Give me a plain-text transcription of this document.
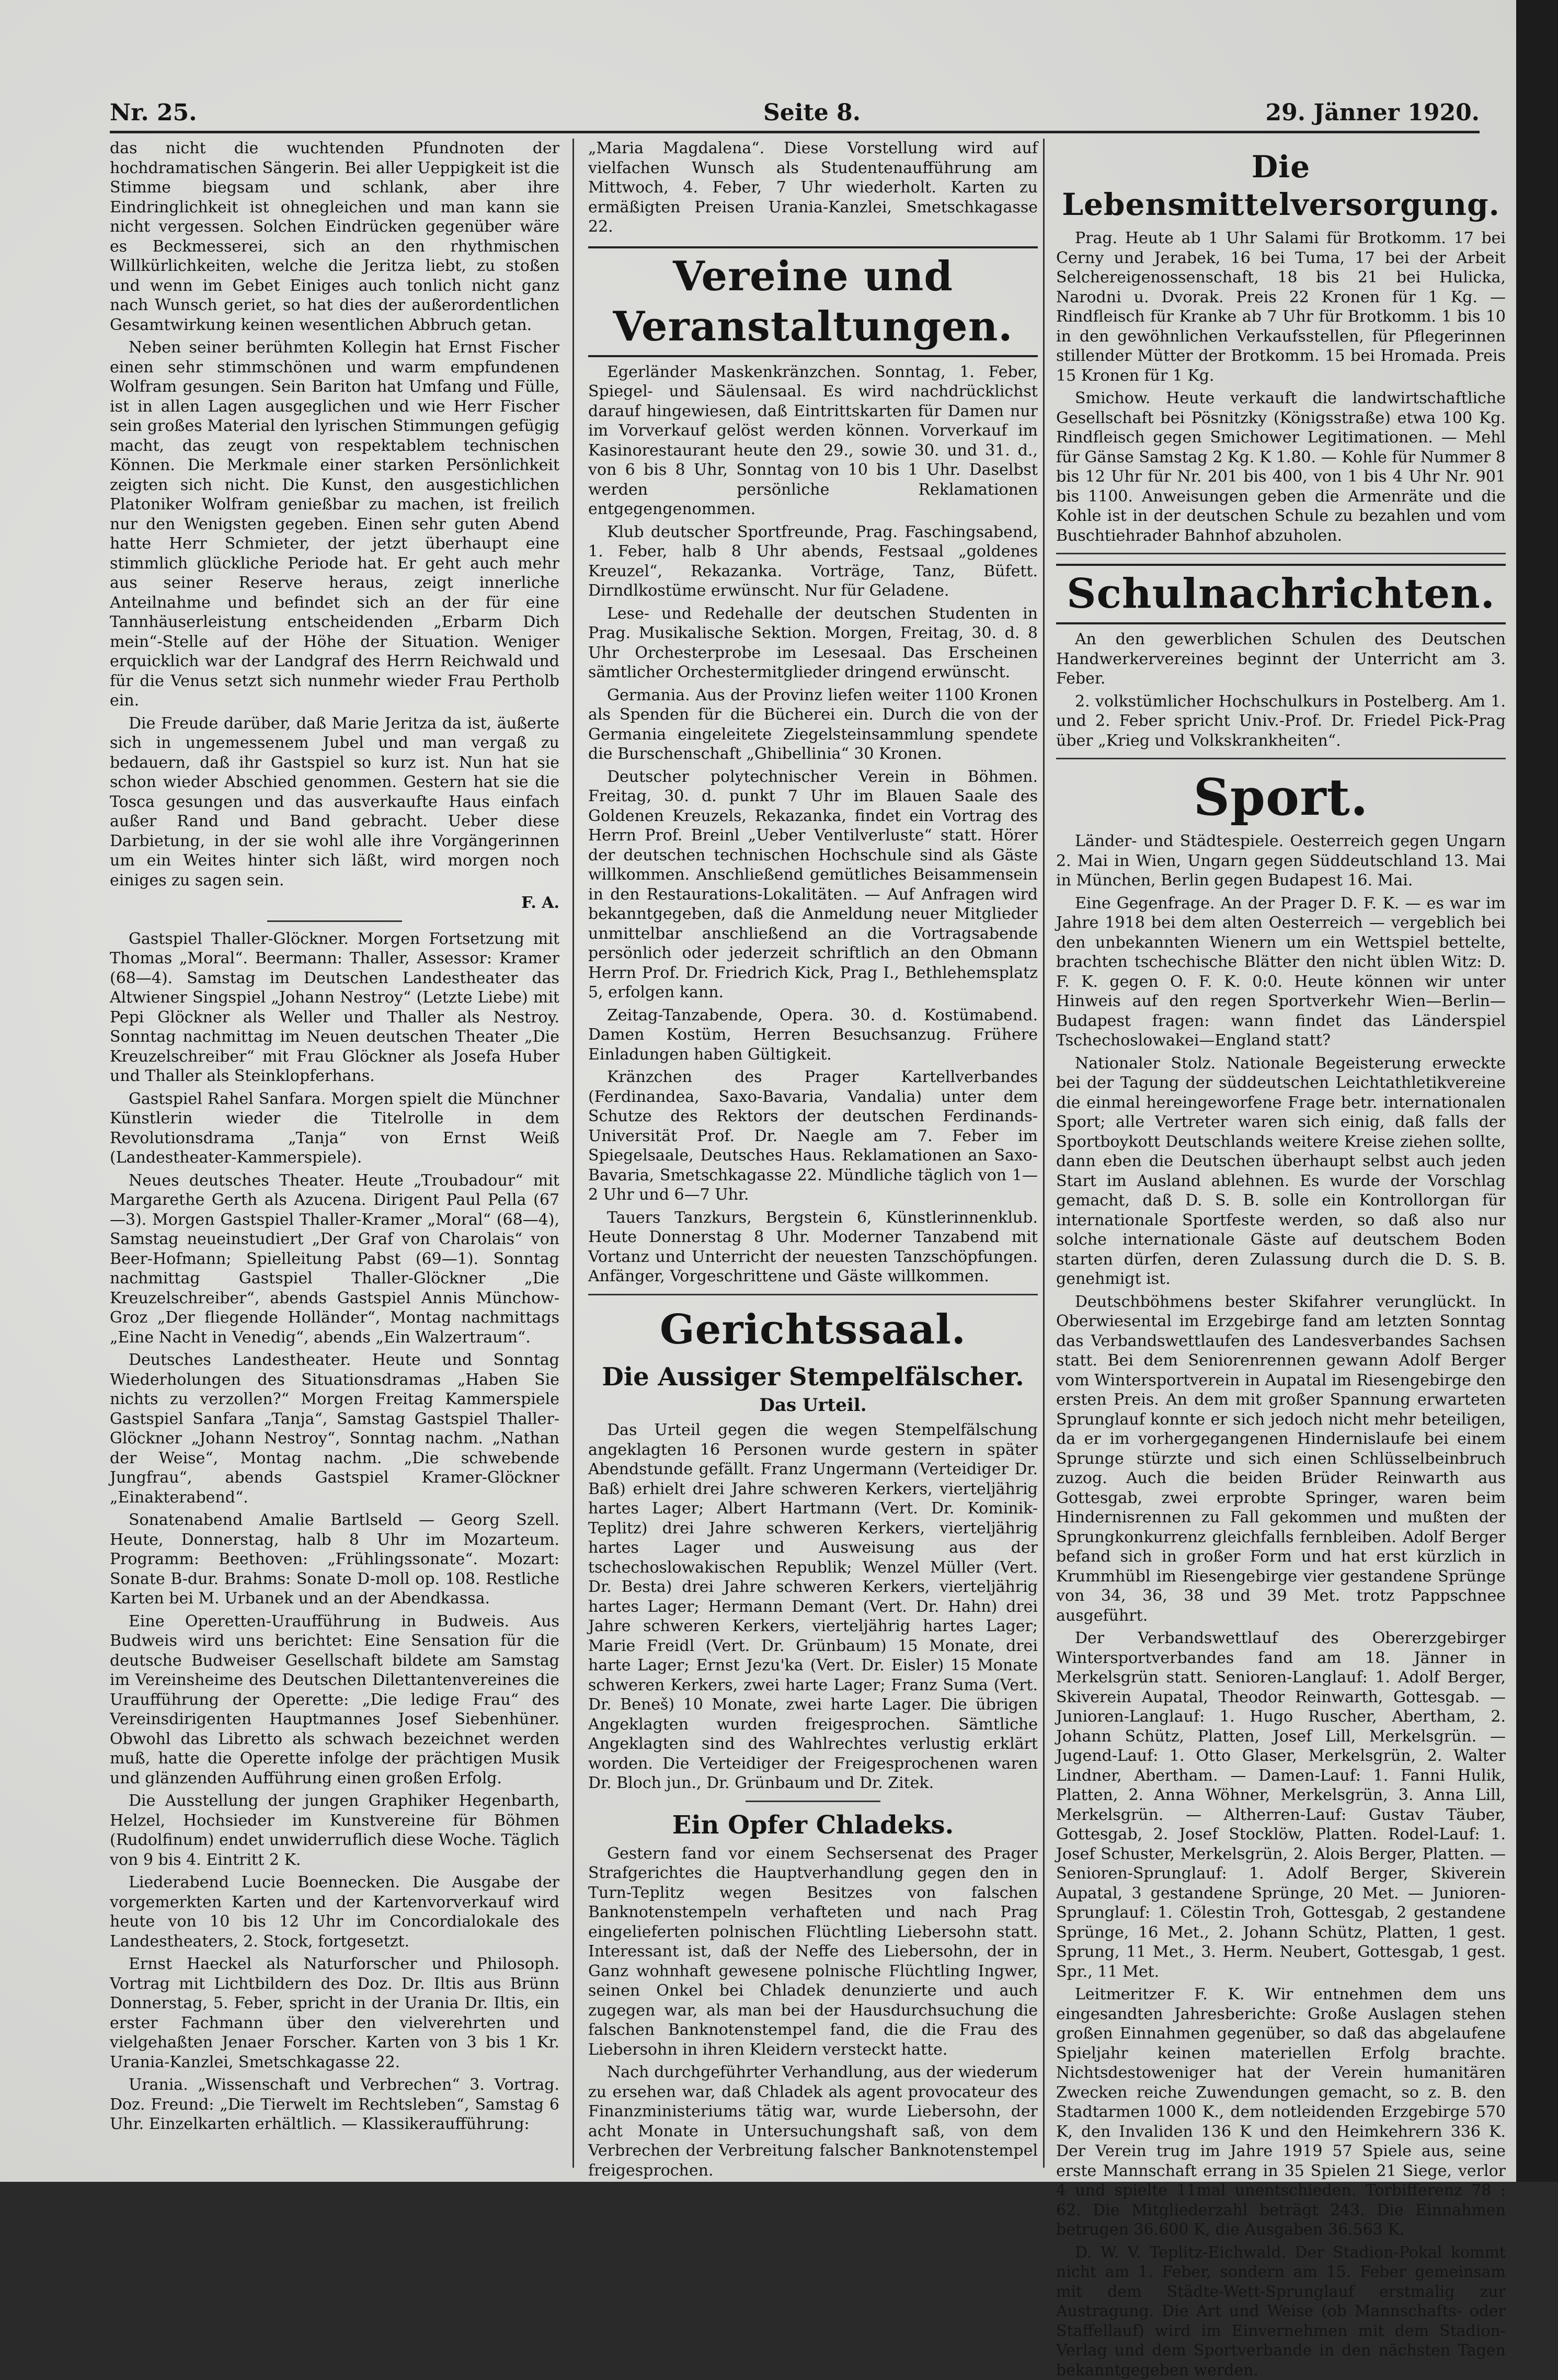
Nr. 25.	Seite 8.	29. Jänner 1920.

das nicht die wuchtenden Pfundnoten der hochdramatischen Sängerin. Bei aller Ueppigkeit ist die Stimme biegsam und schlank, aber ihre Eindringlichkeit ist ohnegleichen und man kann sie nicht vergessen. Solchen Eindrücken gegenüber wäre es Beckmesserei, sich an den rhythmischen Willkürlichkeiten, welche die Jeritza liebt, zu stoßen und wenn im Gebet Einiges auch tonlich nicht ganz nach Wunsch geriet, so hat dies der außerordentlichen Gesamtwirkung keinen wesentlichen Abbruch getan.

Neben seiner berühmten Kollegin hat Ernst Fischer einen sehr stimmschönen und warm empfundenen Wolfram gesungen. Sein Bariton hat Umfang und Fülle, ist in allen Lagen ausgeglichen und wie Herr Fischer sein großes Material den lyrischen Stimmungen gefügig macht, das zeugt von respektablem technischen Können. Die Merkmale einer starken Persönlichkeit zeigten sich nicht. Die Kunst, den ausgestichlichen Platoniker Wolfram genießbar zu machen, ist freilich nur den Wenigsten gegeben. Einen sehr guten Abend hatte Herr Schmieter, der jetzt überhaupt eine stimmlich glückliche Periode hat. Er geht auch mehr aus seiner Reserve heraus, zeigt innerliche Anteilnahme und befindet sich an der für eine Tannhäuserleistung entscheidenden „Erbarm Dich mein“-Stelle auf der Höhe der Situation. Weniger erquicklich war der Landgraf des Herrn Reichwald und für die Venus setzt sich nunmehr wieder Frau Pertholb ein.

Die Freude darüber, daß Marie Jeritza da ist, äußerte sich in ungemessenem Jubel und man vergaß zu bedauern, daß ihr Gastspiel so kurz ist. Nun hat sie schon wieder Abschied genommen. Gestern hat sie die Tosca gesungen und das ausverkaufte Haus einfach außer Rand und Band gebracht. Ueber diese Darbietung, in der sie wohl alle ihre Vorgängerinnen um ein Weites hinter sich läßt, wird morgen noch einiges zu sagen sein.

F. A.

Gastspiel Thaller-Glöckner. Morgen Fortsetzung mit Thomas „Moral“. Beermann: Thaller, Assessor: Kramer (68—4). Samstag im Deutschen Landestheater das Altwiener Singspiel „Johann Nestroy“ (Letzte Liebe) mit Pepi Glöckner als Weller und Thaller als Nestroy. Sonntag nachmittag im Neuen deutschen Theater „Die Kreuzelschreiber“ mit Frau Glöckner als Josefa Huber und Thaller als Steinklopferhans.

Gastspiel Rahel Sanfara. Morgen spielt die Münchner Künstlerin wieder die Titelrolle in dem Revolutionsdrama „Tanja“ von Ernst Weiß (Landestheater-Kammerspiele).

Neues deutsches Theater. Heute „Troubadour“ mit Margarethe Gerth als Azucena. Dirigent Paul Pella (67—3). Morgen Gastspiel Thaller-Kramer „Moral“ (68—4), Samstag neueinstudiert „Der Graf von Charolais“ von Beer-Hofmann; Spielleitung Pabst (69—1). Sonntag nachmittag Gastspiel Thaller-Glöckner „Die Kreuzelschreiber“, abends Gastspiel Annis Münchow-Groz „Der fliegende Holländer“, Montag nachmittags „Eine Nacht in Venedig“, abends „Ein Walzertraum“.

Deutsches Landestheater. Heute und Sonntag Wiederholungen des Situationsdramas „Haben Sie nichts zu verzollen?“ Morgen Freitag Kammerspiele Gastspiel Sanfara „Tanja“, Samstag Gastspiel Thaller-Glöckner „Johann Nestroy“, Sonntag nachm. „Nathan der Weise“, Montag nachm. „Die schwebende Jungfrau“, abends Gastspiel Kramer-Glöckner „Einakterabend“.

Sonatenabend Amalie Bartlseld — Georg Szell. Heute, Donnerstag, halb 8 Uhr im Mozarteum. Programm: Beethoven: „Frühlingssonate“. Mozart: Sonate B-dur. Brahms: Sonate D-moll op. 108. Restliche Karten bei M. Urbanek und an der Abendkassa.

Eine Operetten-Uraufführung in Budweis. Aus Budweis wird uns berichtet: Eine Sensation für die deutsche Budweiser Gesellschaft bildete am Samstag im Vereinsheime des Deutschen Dilettantenvereines die Uraufführung der Operette: „Die ledige Frau“ des Vereinsdirigenten Hauptmannes Josef Siebenhüner. Obwohl das Libretto als schwach bezeichnet werden muß, hatte die Operette infolge der prächtigen Musik und glänzenden Aufführung einen großen Erfolg.

Die Ausstellung der jungen Graphiker Hegenbarth, Helzel, Hochsieder im Kunstvereine für Böhmen (Rudolfinum) endet unwiderruflich diese Woche. Täglich von 9 bis 4. Eintritt 2 K.

Liederabend Lucie Boennecken. Die Ausgabe der vorgemerkten Karten und der Kartenvorverkauf wird heute von 10 bis 12 Uhr im Concordialokale des Landestheaters, 2. Stock, fortgesetzt.

Ernst Haeckel als Naturforscher und Philosoph. Vortrag mit Lichtbildern des Doz. Dr. Iltis aus Brünn Donnerstag, 5. Feber, spricht in der Urania Dr. Iltis, ein erster Fachmann über den vielverehrten und vielgehaßten Jenaer Forscher. Karten von 3 bis 1 Kr. Urania-Kanzlei, Smetschkagasse 22.

Urania. „Wissenschaft und Verbrechen“ 3. Vortrag. Doz. Freund: „Die Tierwelt im Rechtsleben“, Samstag 6 Uhr. Einzelkarten erhältlich. — Klassikeraufführung:

„Maria Magdalena“. Diese Vorstellung wird auf vielfachen Wunsch als Studentenaufführung am Mittwoch, 4. Feber, 7 Uhr wiederholt. Karten zu ermäßigten Preisen Urania-Kanzlei, Smetschkagasse 22.

Vereine und Veranstaltungen.

Egerländer Maskenkränzchen. Sonntag, 1. Feber, Spiegel- und Säulensaal. Es wird nachdrücklichst darauf hingewiesen, daß Eintrittskarten für Damen nur im Vorverkauf gelöst werden können. Vorverkauf im Kasinorestaurant heute den 29., sowie 30. und 31. d., von 6 bis 8 Uhr, Sonntag von 10 bis 1 Uhr. Daselbst werden persönliche Reklamationen entgegengenommen.

Klub deutscher Sportfreunde, Prag. Faschingsabend, 1. Feber, halb 8 Uhr abends, Festsaal „goldenes Kreuzel“, Rekazanka. Vorträge, Tanz, Büfett. Dirndlkostüme erwünscht. Nur für Geladene.

Lese- und Redehalle der deutschen Studenten in Prag. Musikalische Sektion. Morgen, Freitag, 30. d. 8 Uhr Orchesterprobe im Lesesaal. Das Erscheinen sämtlicher Orchestermitglieder dringend erwünscht.

Germania. Aus der Provinz liefen weiter 1100 Kronen als Spenden für die Bücherei ein. Durch die von der Germania eingeleitete Ziegelsteinsammlung spendete die Burschenschaft „Ghibellinia“ 30 Kronen.

Deutscher polytechnischer Verein in Böhmen. Freitag, 30. d. punkt 7 Uhr im Blauen Saale des Goldenen Kreuzels, Rekazanka, findet ein Vortrag des Herrn Prof. Breinl „Ueber Ventilverluste“ statt. Hörer der deutschen technischen Hochschule sind als Gäste willkommen. Anschließend gemütliches Beisammensein in den Restaurations-Lokalitäten. — Auf Anfragen wird bekanntgegeben, daß die Anmeldung neuer Mitglieder unmittelbar anschließend an die Vortragsabende persönlich oder jederzeit schriftlich an den Obmann Herrn Prof. Dr. Friedrich Kick, Prag I., Bethlehemsplatz 5, erfolgen kann.

Zeitag-Tanzabende, Opera. 30. d. Kostümabend. Damen Kostüm, Herren Besuchsanzug. Frühere Einladungen haben Gültigkeit.

Kränzchen des Prager Kartellverbandes (Ferdinandea, Saxo-Bavaria, Vandalia) unter dem Schutze des Rektors der deutschen Ferdinands-Universität Prof. Dr. Naegle am 7. Feber im Spiegelsaale, Deutsches Haus. Reklamationen an Saxo-Bavaria, Smetschkagasse 22. Mündliche täglich von 1—2 Uhr und 6—7 Uhr.

Tauers Tanzkurs, Bergstein 6, Künstlerinnenklub. Heute Donnerstag 8 Uhr. Moderner Tanzabend mit Vortanz und Unterricht der neuesten Tanzschöpfungen. Anfänger, Vorgeschrittene und Gäste willkommen.

Gerichtssaal.
Die Aussiger Stempelfälscher.
Das Urteil.

Das Urteil gegen die wegen Stempelfälschung angeklagten 16 Personen wurde gestern in später Abendstunde gefällt. Franz Ungermann (Verteidiger Dr. Baß) erhielt drei Jahre schweren Kerkers, vierteljährig hartes Lager; Albert Hartmann (Vert. Dr. Kominik-Teplitz) drei Jahre schweren Kerkers, vierteljährig hartes Lager und Ausweisung aus der tschechoslowakischen Republik; Wenzel Müller (Vert. Dr. Besta) drei Jahre schweren Kerkers, vierteljährig hartes Lager; Hermann Demant (Vert. Dr. Hahn) drei Jahre schweren Kerkers, vierteljährig hartes Lager; Marie Freidl (Vert. Dr. Grünbaum) 15 Monate, drei harte Lager; Ernst Jezu'ka (Vert. Dr. Eisler) 15 Monate schweren Kerkers, zwei harte Lager; Franz Suma (Vert. Dr. Beneš) 10 Monate, zwei harte Lager. Die übrigen Angeklagten wurden freigesprochen. Sämtliche Angeklagten sind des Wahlrechtes verlustig erklärt worden. Die Verteidiger der Freigesprochenen waren Dr. Bloch jun., Dr. Grünbaum und Dr. Zitek.

Ein Opfer Chladeks.

Gestern fand vor einem Sechsersenat des Prager Strafgerichtes die Hauptverhandlung gegen den in Turn-Teplitz wegen Besitzes von falschen Banknotenstempeln verhafteten und nach Prag eingelieferten polnischen Flüchtling Liebersohn statt. Interessant ist, daß der Neffe des Liebersohn, der in Ganz wohnhaft gewesene polnische Flüchtling Ingwer, seinen Onkel bei Chladek denunzierte und auch zugegen war, als man bei der Hausdurchsuchung die falschen Banknotenstempel fand, die die Frau des Liebersohn in ihren Kleidern versteckt hatte.

Nach durchgeführter Verhandlung, aus der wiederum zu ersehen war, daß Chladek als agent provocateur des Finanzministeriums tätig war, wurde Liebersohn, der acht Monate in Untersuchungshaft saß, von dem Verbrechen der Verbreitung falscher Banknotenstempel freigesprochen.

Die Lebensmittelversorgung.

Prag. Heute ab 1 Uhr Salami für Brotkomm. 17 bei Cerny und Jerabek, 16 bei Tuma, 17 bei der Arbeit Selchereigenossenschaft, 18 bis 21 bei Hulicka, Narodni u. Dvorak. Preis 22 Kronen für 1 Kg. — Rindfleisch für Kranke ab 7 Uhr für Brotkomm. 1 bis 10 in den gewöhnlichen Verkaufsstellen, für Pflegerinnen stillender Mütter der Brotkomm. 15 bei Hromada. Preis 15 Kronen für 1 Kg.

Smichow. Heute verkauft die landwirtschaftliche Gesellschaft bei Pösnitzky (Königsstraße) etwa 100 Kg. Rindfleisch gegen Smichower Legitimationen. — Mehl für Gänse Samstag 2 Kg. K 1.80. — Kohle für Nummer 8 bis 12 Uhr für Nr. 201 bis 400, von 1 bis 4 Uhr Nr. 901 bis 1100. Anweisungen geben die Armenräte und die Kohle ist in der deutschen Schule zu bezahlen und vom Buschtiehrader Bahnhof abzuholen.

Schulnachrichten.

An den gewerblichen Schulen des Deutschen Handwerkervereines beginnt der Unterricht am 3. Feber.

2. volkstümlicher Hochschulkurs in Postelberg. Am 1. und 2. Feber spricht Univ.-Prof. Dr. Friedel Pick-Prag über „Krieg und Volkskrankheiten“.

Sport.

Länder- und Städtespiele. Oesterreich gegen Ungarn 2. Mai in Wien, Ungarn gegen Süddeutschland 13. Mai in München, Berlin gegen Budapest 16. Mai.

Eine Gegenfrage. An der Prager D. F. K. — es war im Jahre 1918 bei dem alten Oesterreich — vergeblich bei den unbekannten Wienern um ein Wettspiel bettelte, brachten tschechische Blätter den nicht üblen Witz: D. F. K. gegen O. F. K. 0:0. Heute können wir unter Hinweis auf den regen Sportverkehr Wien—Berlin—Budapest fragen: wann findet das Länderspiel Tschechoslowakei—England statt?

Nationaler Stolz. Nationale Begeisterung erweckte bei der Tagung der süddeutschen Leichtathletikvereine die einmal hereingeworfene Frage betr. internationalen Sport; alle Vertreter waren sich einig, daß falls der Sportboykott Deutschlands weitere Kreise ziehen sollte, dann eben die Deutschen überhaupt selbst auch jeden Start im Ausland ablehnen. Es wurde der Vorschlag gemacht, daß D. S. B. solle ein Kontrollorgan für internationale Sportfeste werden, so daß also nur solche internationale Gäste auf deutschem Boden starten dürfen, deren Zulassung durch die D. S. B. genehmigt ist.

Deutschböhmens bester Skifahrer verunglückt. In Oberwiesental im Erzgebirge fand am letzten Sonntag das Verbandswettlaufen des Landesverbandes Sachsen statt. Bei dem Seniorenrennen gewann Adolf Berger vom Wintersportverein in Aupatal im Riesengebirge den ersten Preis. An dem mit großer Spannung erwarteten Sprunglauf konnte er sich jedoch nicht mehr beteiligen, da er im vorhergegangenen Hindernislaufe bei einem Sprunge stürzte und sich einen Schlüsselbeinbruch zuzog. Auch die beiden Brüder Reinwarth aus Gottesgab, zwei erprobte Springer, waren beim Hindernisrennen zu Fall gekommen und mußten der Sprungkonkurrenz gleichfalls fernbleiben. Adolf Berger befand sich in großer Form und hat erst kürzlich in Krummhübl im Riesengebirge vier gestandene Sprünge von 34, 36, 38 und 39 Met. trotz Pappschnee ausgeführt.

Der Verbandswettlauf des Obererzgebirger Wintersportverbandes fand am 18. Jänner in Merkelsgrün statt. Senioren-Langlauf: 1. Adolf Berger, Skiverein Aupatal, Theodor Reinwarth, Gottesgab. — Junioren-Langlauf: 1. Hugo Ruscher, Abertham, 2. Johann Schütz, Platten, Josef Lill, Merkelsgrün. — Jugend-Lauf: 1. Otto Glaser, Merkelsgrün, 2. Walter Lindner, Abertham. — Damen-Lauf: 1. Fanni Hulik, Platten, 2. Anna Wöhner, Merkelsgrün, 3. Anna Lill, Merkelsgrün. — Altherren-Lauf: Gustav Täuber, Gottesgab, 2. Josef Stocklöw, Platten. Rodel-Lauf: 1. Josef Schuster, Merkelsgrün, 2. Alois Berger, Platten. — Senioren-Sprunglauf: 1. Adolf Berger, Skiverein Aupatal, 3 gestandene Sprünge, 20 Met. — Junioren-Sprunglauf: 1. Cölestin Troh, Gottesgab, 2 gestandene Sprünge, 16 Met., 2. Johann Schütz, Platten, 1 gest. Sprung, 11 Met., 3. Herm. Neubert, Gottesgab, 1 gest. Spr., 11 Met.

Leitmeritzer F. K. Wir entnehmen dem uns eingesandten Jahresberichte: Große Auslagen stehen großen Einnahmen gegenüber, so daß das abgelaufene Spieljahr keinen materiellen Erfolg brachte. Nichtsdestoweniger hat der Verein humanitären Zwecken reiche Zuwendungen gemacht, so z. B. den Stadtarmen 1000 K., dem notleidenden Erzgebirge 570 K, den Invaliden 136 K und den Heimkehrern 336 K. Der Verein trug im Jahre 1919 57 Spiele aus, seine erste Mannschaft errang in 35 Spielen 21 Siege, verlor 4 und spielte 11mal unentschieden. Torbifferenz 78 : 62. Die Mitgliederzahl beträgt 243. Die Einnahmen betrugen 36.600 K, die Ausgaben 36.563 K.

D. W. V. Teplitz-Eichwald. Der Stadion-Pokal kommt nicht am 1. Feber, sondern am 15. Feber gemeinsam mit dem Städte-Wett-Sprunglauf erstmalig zur Austragung. Die Art und Weise (ob Mannschafts- oder Staffellauf) wird im Einvernehmen mit dem Stadion-Verlag und dem Sportverbande in den nächsten Tagen bekanntgegeben werden.
